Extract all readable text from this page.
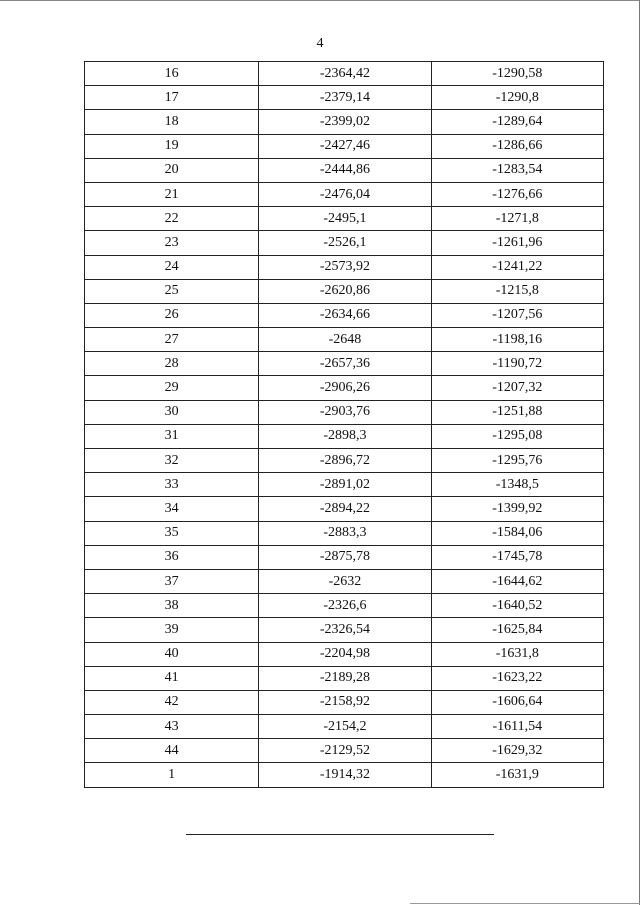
4
16	-2364,42	-1290,58
17	-2379,14	-1290,8
18	-2399,02	-1289,64
19	-2427,46	-1286,66
20	-2444,86	-1283,54
21	-2476,04	-1276,66
22	-2495,1	-1271,8
23	-2526,1	-1261,96
24	-2573,92	-1241,22
25	-2620,86	-1215,8
26	-2634,66	-1207,56
27	-2648	-1198,16
28	-2657,36	-1190,72
29	-2906,26	-1207,32
30	-2903,76	-1251,88
31	-2898,3	-1295,08
32	-2896,72	-1295,76
33	-2891,02	-1348,5
34	-2894,22	-1399,92
35	-2883,3	-1584,06
36	-2875,78	-1745,78
37	-2632	-1644,62
38	-2326,6	-1640,52
39	-2326,54	-1625,84
40	-2204,98	-1631,8
41	-2189,28	-1623,22
42	-2158,92	-1606,64
43	-2154,2	-1611,54
44	-2129,52	-1629,32
1	-1914,32	-1631,9
